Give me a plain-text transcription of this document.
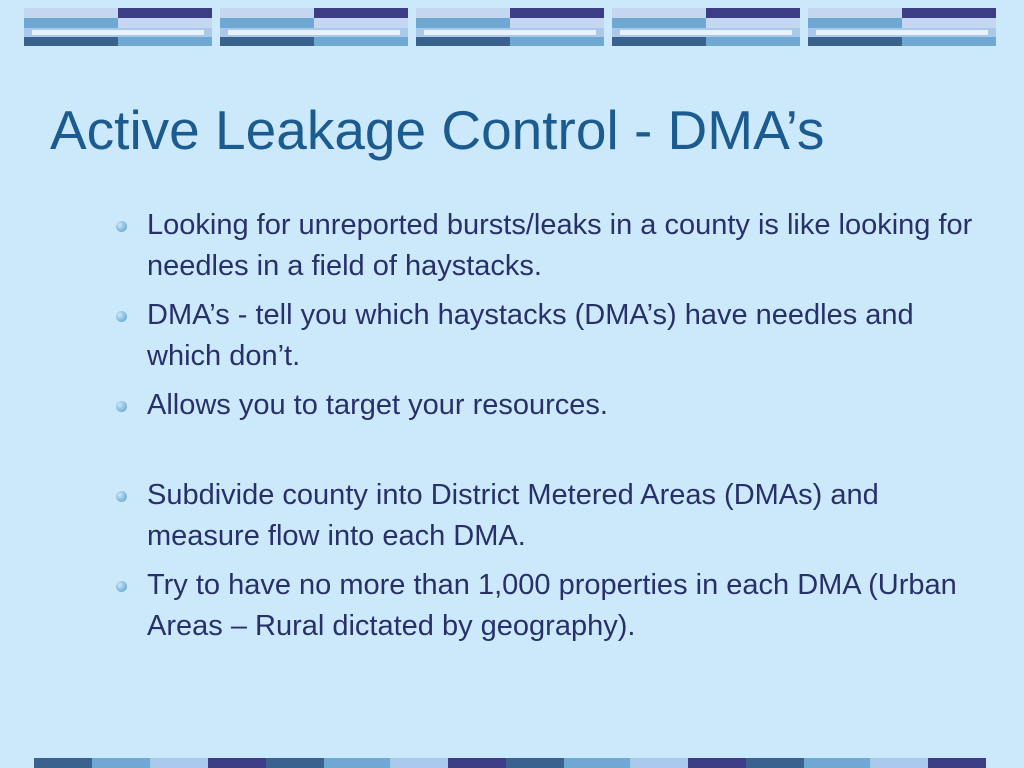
Active Leakage Control - DMA’s
Looking for unreported bursts/leaks in a county is like looking for needles in a field of haystacks.
DMA’s - tell you which haystacks (DMA’s) have needles and which don’t.
Allows you to target your resources.
Subdivide county into District Metered Areas (DMAs) and measure flow into each DMA.
Try to have no more than 1,000 properties in each DMA (Urban Areas – Rural dictated by geography).
